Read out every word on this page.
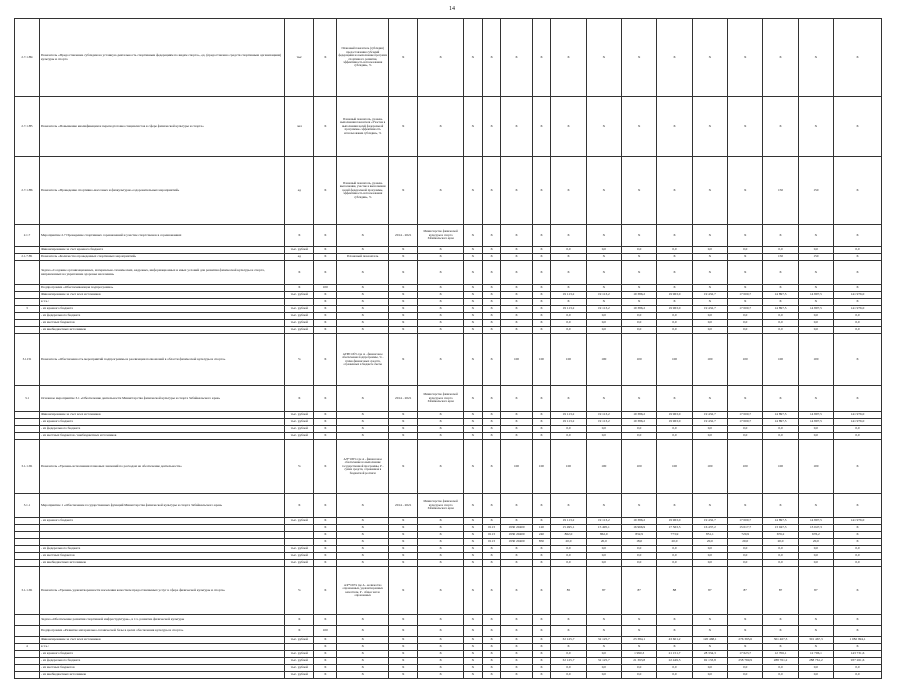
14
2.7.1.Н4	Показатель «Предоставление субсидии на уставную деятельность спортивным федерациям по видам спорта», ед. (предоставлено средств спортивным организациям) культуры и спорта	тыс	X	Плановый показатель (субсидии) предоставления субсидий федерациям на выполнение программ спортивного развития, эффективность использования субсидии», %	X	X	X	X	X	X	X	X	X	X	X	X	X	X	X
2.7.1.Н5	Показатель «Повышение квалификации и переподготовка специалистов в сфере физической культуры и спорта»	чел	X	Плановый показатель, уровень выполнения показателя «Участие в выполнении целей федеральной программы» эффективность использования субсидии», %	X	X	X	X	X	X	X	X	X	X	X	X	X	X	X
2.7.1.Н6	Показатель «Проведение спортивно-массовых и физкультурно-оздоровительных мероприятий»	ед	X	Плановый показатель, уровень выполнения, участие в выполнении целей федеральной программы, эффективность использования субсидии», %	X	X	X	X	X	X	X	X	X	X	X	X	150	150	X
2.1.7	Мероприятие 2.7 Проведение спортивных соревнований и участие спортсменов в соревнованиях	X	X	X	2014 - 2021	Министерство физической культуры и спорта Забайкальского края	X	X	X	X	X	X	X	X	X	X	X	X	X
	Финансирование за счет краевого бюджета	тыс. рублей	X	X	X	X	X	X	X	X	0,0	0,0	0,0	0,0	0,0	0,0	0,0	0,0	0,0
2.1.7.Н1	Показатель «Количество проведенных спортивных мероприятий»	ед	X	Плановый показатель	X	X	X	X	X	X	X	X	X	X	X	X	150	150	X
	Задача «Создание организационных, материально-технических, кадровых, информационных и иных условий для развития физической культуры и спорта, направленных на укрепление здоровья населения»	X	X	X	X	X	X	X	X	X	X	X	X	X	X	X	X	X	X
	Подпрограмма «Обеспечивающая подпрограмма»	X	100	X	X	X	X	X	X	X	X	X	X	X	X	X	X	X	X
	Финансирование за счет всех источников	тыс. рублей	X	X	X	X	X	X	X	X	19 113,2	19 113,2	19 386,2	19 963,0	19 432,7	17 000,7	14 897,5	14 897,5	141 976,0
	в т.ч.:		X	X	X	X	X	X	X	X	X	X	X	X	X	X	X	X	X
3	- из краевого бюджета	тыс. рублей	X	X	X	X	X	X	X	X	19 113,2	19 113,2	19 386,2	19 963,0	19 432,7	17 000,7	14 897,5	14 897,5	141 976,0
	- из федерального бюджета	тыс. рублей	X	X	X	X	X	X	X	X	0,0	0,0	0,0	0,0	0,0	0,0	0,0	0,0	0,0
	- из местных бюджетов	тыс. рублей	X	X	X	X	X	X	X	X	0,0	0,0	0,0	0,0	0,0	0,0	0,0	0,0	0,0
	- из внебюджетных источников	тыс. рублей	X	X	X	X	X	X	X	X	0,0	0,0	0,0	0,0	0,0	0,0	0,0	0,0	0,0
3.1.П1	Показатель «Обеспеченность мероприятий подпрограммы и реализация полномочий в области физической культуры и спорта»	%	X	АГРП Об% где А - финансовое обеспечение подпрограммы, % - сумма финансовых средств, отраженных в бюджете сметы	X	X	X	X	100	100	100	100	100	100	100	100	100	100	X
3.1	Основное мероприятие 3.1 «Обеспечение деятельности Министерства физической культуры и спорта Забайкальского края»	X	X	X	2014 - 2021	Министерство физической культуры и спорта Забайкальского края	X	X	X	X	X	X	X	X	X	X	X	X	X
	Финансирование за счет всех источников	тыс. рублей	X	X	X	X	X	X	X	X	19 113,2	19 113,2	19 386,2	19 963,0	19 432,7	17 000,7	14 897,5	14 897,5	141 976,0
	- из краевого бюджета	тыс. рублей	X	X	X	X	X	X	X	X	19 113,2	19 113,2	19 386,2	19 963,0	19 432,7	17 000,7	14 897,5	14 897,5	141 976,0
	- из федерального бюджета	тыс. рублей	X	X	X	X	X	X	X	X	0,0	0,0	0,0	0,0	0,0	0,0	0,0	0,0	0,0
	- из местных бюджетов / внебюджетных источников	тыс. рублей	X	X	X	X	X	X	X	X	0,0	0,0	0,0	0,0	0,0	0,0	0,0	0,0	0,0
3.1.1.П1	Показатель «Уровень исполнения плановых значений по расходам на обеспечение деятельности»	%	X	А/Р*100% где А - финансовое обеспечение на выполнение государственной программы, Р - сумма средств, отраженная в бюджетной росписи	X	X	X	X	100	100	100	100	100	100	100	100	100	100	X
3.1.1	Мероприятие 1 «Обеспечение государственных функций Министерства физической культуры и спорта Забайкальского края»	X	X	X	2014 - 2021	Министерство физической культуры и спорта Забайкальского края	X	X	X	X	X	X	X	X	X	X	X	X	X
	- из краевого бюджета	тыс. рублей	X	X	X	X	X	X	X	X	19 113,2	19 113,2	19 386,2	19 963,0	19 432,7	17 000,7	14 897,5	14 897,5	141 976,0
			X	X	X	X	X	0113	1930 20400	120	15 495,1	15 495,1	16 966,9	17 563,5	16 437,2	15 017,7	13 047,3	13 047,3	X
			X	X	X	X	X	0113	1930 20400	240	862,0	862,0	832,9	773,9	851,1	720,9	676,2	676,2	X
			X	X	X	X	X	0113	1930 20400	850	20,0	20,0	18,0	20,0	20,0	20,0	20,0	20,0	X
	- из федерального бюджета	тыс. рублей	X	X	X	X	X	X	X	X	0,0	0,0	0,0	0,0	0,0	0,0	0,0	0,0	0,0
	- из местных бюджетов	тыс. рублей	X	X	X	X	X	X	X	X	0,0	0,0	0,0	0,0	0,0	0,0	0,0	0,0	0,0
	- из внебюджетных источников	тыс. рублей	X	X	X	X	X	X	X	X	0,0	0,0	0,0	0,0	0,0	0,0	0,0	0,0	0,0
3.1.1.П1	Показатель «Уровень удовлетворенности населения качеством предоставляемых услуг в сфере физической культуры и спорта»	%	X	А/Р*100% где А - количество опрошенных, удовлетворенных качеством, Р - общее число опрошенных	X	X	X	X	X	X	85	87	87	88	87	87	87	87	X
	Задача «Обеспечение развития спортивной инфраструктуры», в т.ч. развитие физической культуры	X	X	X	X	X	X	X	X	X	X	X	X	X	X	X	X	X	X
	Подпрограмма «Развитие материально-технической базы в целях обеспечения культуры и спорта»	X	100	X	X	X	X	X	X	X	X	X	X	X	X	X	X	X	X
	Финансирование за счет всех источников	тыс. рублей	X	X	X	X	X	X	X	X	32 125,7	32 125,7	23 384,1	43 601,2	120 468,1	276 393,6	301 467,3	301 467,3	1 082 994,1
4	в т.ч.:		X	X	X	X	X	X	X	X	X	X	X	X	X	X	X	X	X
	- из краевого бюджета	тыс. рублей	X	X	X	X	X	X	X	X	0,0	0,0	1 990,3	21 151,7	28 334,3	17 623,7	12 706,1	12 706,1	143 731,6
	- из федерального бюджета	тыс. рублей	X	X	X	X	X	X	X	X	32 125,7	32 125,7	21 393,8	22 449,5	92 133,8	258 769,9	288 761,2	288 761,2	937 261,6
	- из местных бюджетов	тыс. рублей	X	X	X	X	X	X	X	X	0,0	0,0	0,0	0,0	0,0	0,0	0,0	0,0	0,0
	- из внебюджетных источников	тыс. рублей	X	X	X	X	X	X	X	X	0,0	0,0	0,0	0,0	0,0	0,0	0,0	0,0	0,0
